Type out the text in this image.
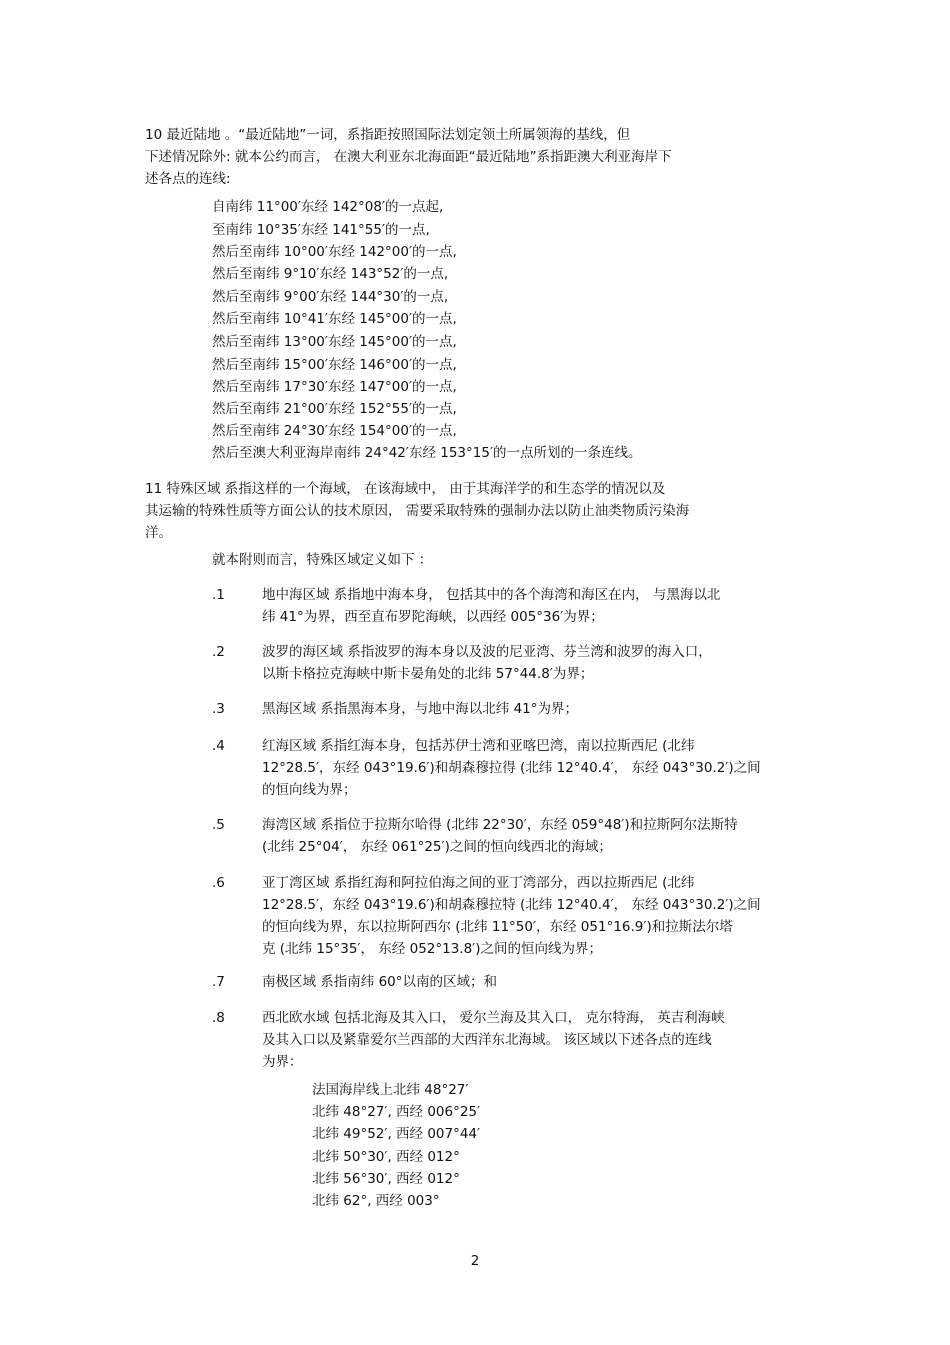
10 最近陆地 。“最近陆地”一词，系指距按照国际法划定领土所属领海的基线，但
下述情况除外: 就本公约而言， 在澳大利亚东北海面距“最近陆地”系指距澳大利亚海岸下
述各点的连线:
自南纬 11°00′东经 142°08′的一点起,
至南纬 10°35′东经 141°55′的一点,
然后至南纬 10°00′东经 142°00′的一点,
然后至南纬 9°10′东经 143°52′的一点,
然后至南纬 9°00′东经 144°30′的一点,
然后至南纬 10°41′东经 145°00′的一点,
然后至南纬 13°00′东经 145°00′的一点,
然后至南纬 15°00′东经 146°00′的一点,
然后至南纬 17°30′东经 147°00′的一点,
然后至南纬 21°00′东经 152°55′的一点,
然后至南纬 24°30′东经 154°00′的一点,
然后至澳大利亚海岸南纬 24°42′东经 153°15′的一点所划的一条连线。
11 特殊区域 系指这样的一个海域， 在该海域中， 由于其海洋学的和生态学的情况以及
其运输的特殊性质等方面公认的技术原因， 需要采取特殊的强制办法以防止油类物质污染海
洋。
就本附则而言，特殊区域定义如下 ：
.1	地中海区域 系指地中海本身， 包括其中的各个海湾和海区在内， 与黑海以北
纬 41°为界，西至直布罗陀海峡，以西经 005°36′为界；
.2	波罗的海区域 系指波罗的海本身以及波的尼亚湾、芬兰湾和波罗的海入口，
以斯卡格拉克海峡中斯卡晏角处的北纬 57°44.8′为界；
.3	黑海区域 系指黑海本身，与地中海以北纬 41°为界；
.4	红海区域 系指红海本身，包括苏伊士湾和亚喀巴湾，南以拉斯西尼 (北纬
12°28.5′，东经 043°19.6′)和胡森穆拉得 (北纬 12°40.4′， 东经 043°30.2′)之间
的恒向线为界；
.5	海湾区域 系指位于拉斯尔哈得 (北纬 22°30′，东经 059°48′)和拉斯阿尔法斯特
(北纬 25°04′， 东经 061°25′)之间的恒向线西北的海域；
.6	亚丁湾区域 系指红海和阿拉伯海之间的亚丁湾部分，西以拉斯西尼 (北纬
12°28.5′，东经 043°19.6′)和胡森穆拉特 (北纬 12°40.4′， 东经 043°30.2′)之间
的恒向线为界，东以拉斯阿西尔 (北纬 11°50′，东经 051°16.9′)和拉斯法尔塔
克 (北纬 15°35′， 东经 052°13.8′)之间的恒向线为界；
.7	南极区域 系指南纬 60°以南的区域；和
.8	西北欧水域 包括北海及其入口， 爱尔兰海及其入口， 克尔特海， 英吉利海峡
及其入口以及紧靠爱尔兰西部的大西洋东北海域。 该区域以下述各点的连线
为界：
法国海岸线上北纬 48°27′
北纬 48°27′, 西经 006°25′
北纬 49°52′, 西经 007°44′
北纬 50°30′, 西经 012°
北纬 56°30′, 西经 012°
北纬 62°, 西经 003°
2
